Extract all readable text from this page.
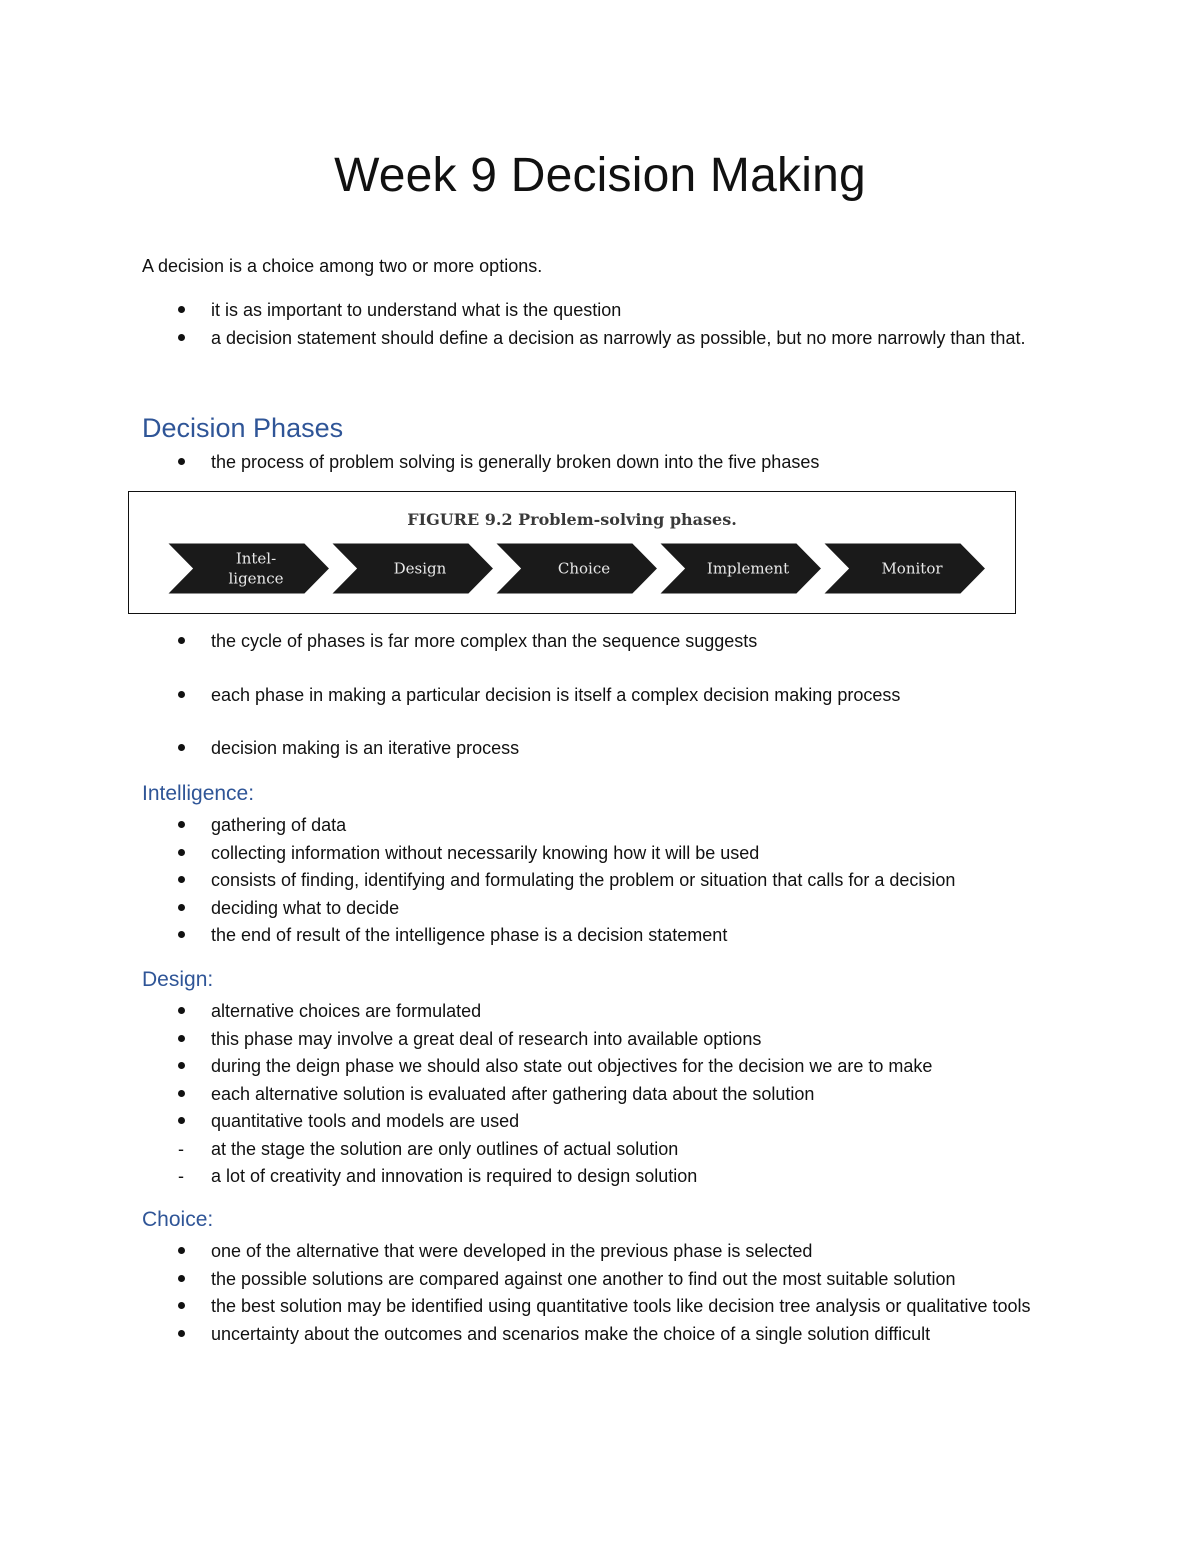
Week 9 Decision Making

A decision is a choice among two or more options.

it is as important to understand what is the question
a decision statement should define a decision as narrowly as possible, but no more narrowly than that.
Decision Phases
the process of problem solving is generally broken down into the five phases
FIGURE 9.2 Problem-solving phases.
Intel-
ligence
Design	Choice	Implement	Monitor
the cycle of phases is far more complex than the sequence suggests
each phase in making a particular decision is itself a complex decision making process
decision making is an iterative process
Intelligence:
gathering of data
collecting information without necessarily knowing how it will be used
consists of finding, identifying and formulating the problem or situation that calls for a decision
deciding what to decide
the end of result of the intelligence phase is a decision statement
Design:
alternative choices are formulated
this phase may involve a great deal of research into available options
during the deign phase we should also state out objectives for the decision we are to make
each alternative solution is evaluated after gathering data about the solution
quantitative tools and models are used
- at the stage the solution are only outlines of actual solution
- a lot of creativity and innovation is required to design solution
Choice:
one of the alternative that were developed in the previous phase is selected
the possible solutions are compared against one another to find out the most suitable solution
the best solution may be identified using quantitative tools like decision tree analysis or qualitative tools
uncertainty about the outcomes and scenarios make the choice of a single solution difficult
